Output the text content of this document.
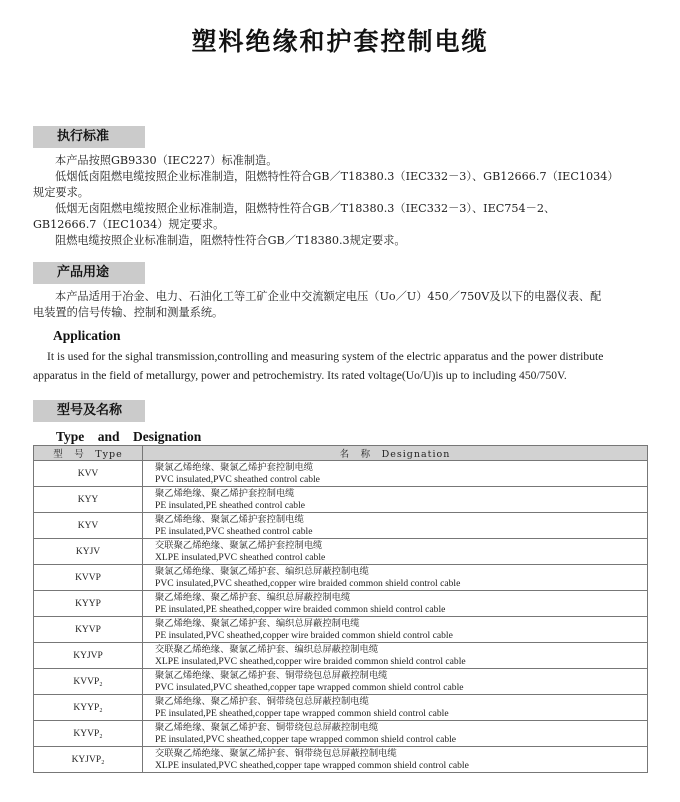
塑料绝缘和护套控制电缆
执行标准
本产品按照GB9330（IEC227）标准制造。
低烟低卤阻燃电缆按照企业标准制造，阻燃特性符合GB／T18380.3（IEC332－3）、GB12666.7（IEC1034）
规定要求。
低烟无卤阻燃电缆按照企业标准制造，阻燃特性符合GB／T18380.3（IEC332－3）、IEC754－2、
GB12666.7（IEC1034）规定要求。
阻燃电缆按照企业标准制造，阻燃特性符合GB／T18380.3规定要求。
产品用途
本产品适用于冶金、电力、石油化工等工矿企业中交流额定电压（Uo／U）450／750V及以下的电器仪表、配
电装置的信号传输、控制和测量系统。
Application
It is used for the sighal transmission,controlling and measuring system of the electric apparatus and the power distribute
apparatus in the field of metallurgy, power and petrochemistry. Its rated voltage(Uo/U)is up to including 450/750V.
型号及名称
Type　and　Designation
型　号　Type	名　称　Designation
KVV	聚氯乙烯绝缘、聚氯乙烯护套控制电缆
PVC insulated,PVC sheathed control cable

KYY	聚乙烯绝缘、聚乙烯护套控制电缆
PE insulated,PE sheathed control cable

KYV	聚乙烯绝缘、聚氯乙烯护套控制电缆
PE insulated,PVC sheathed control cable

KYJV	交联聚乙烯绝缘、聚氯乙烯护套控制电缆
XLPE insulated,PVC sheathed control cable

KVVP	聚氯乙烯绝缘、聚氯乙烯护套、编织总屏蔽控制电缆
PVC insulated,PVC sheathed,copper wire braided common shield control cable

KYYP	聚乙烯绝缘、聚乙烯护套、编织总屏蔽控制电缆
PE insulated,PE sheathed,copper wire braided common shield control cable

KYVP	聚乙烯绝缘、聚氯乙烯护套、编织总屏蔽控制电缆
PE insulated,PVC sheathed,copper wire braided common shield control cable

KYJVP	交联聚乙烯绝缘、聚氯乙烯护套、编织总屏蔽控制电缆
XLPE insulated,PVC sheathed,copper wire braided common shield control cable

KVVP₂	聚氯乙烯绝缘、聚氯乙烯护套、铜带绕包总屏蔽控制电缆
PVC insulated,PVC sheathed,copper tape wrapped common shield control cable

KYYP₂	聚乙烯绝缘、聚乙烯护套、铜带绕包总屏蔽控制电缆
PE insulated,PE sheathed,copper tape wrapped common shield control cable

KYVP₂	聚乙烯绝缘、聚氯乙烯护套、铜带绕包总屏蔽控制电缆
PE insulated,PVC sheathed,copper tape wrapped common shield control cable

KYJVP₂	交联聚乙烯绝缘、聚氯乙烯护套、铜带绕包总屏蔽控制电缆
XLPE insulated,PVC sheathed,copper tape wrapped common shield control cable
